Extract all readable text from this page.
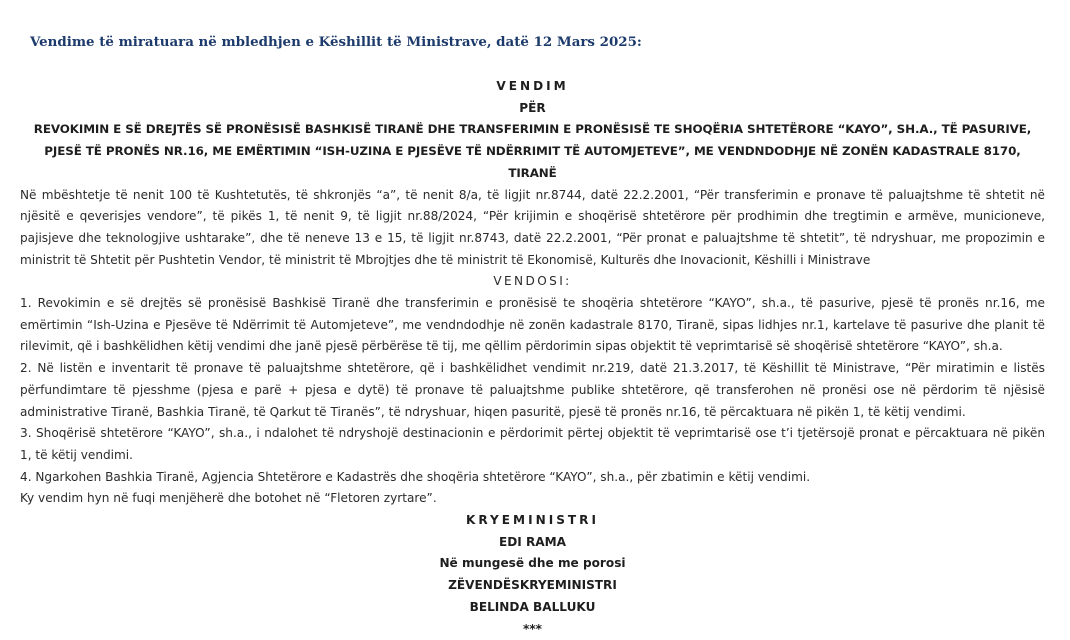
Vendime të miratuara në mbledhjen e Këshillit të Ministrave, datë 12 Mars 2025:

VENDIM

PËR

REVOKIMIN E SË DREJTËS SË PRONËSISË BASHKISË TIRANË DHE TRANSFERIMIN E PRONËSISË TE SHOQËRIA SHTETËRORE “KAYO”, SH.A., TË PASURIVE, PJESË TË PRONËS NR.16, ME EMËRTIMIN “ISH-UZINA E PJESËVE TË NDËRRIMIT TË AUTOMJETEVE”, ME VENDNDODHJE NË ZONËN KADASTRALE 8170, TIRANË

Në mbështetje të nenit 100 të Kushtetutës, të shkronjës “a”, të nenit 8/a, të ligjit nr.8744, datë 22.2.2001, “Për transferimin e pronave të paluajtshme të shtetit në njësitë e qeverisjes vendore”, të pikës 1, të nenit 9, të ligjit nr.88/2024, “Për krijimin e shoqërisë shtetërore për prodhimin dhe tregtimin e armëve, municioneve, pajisjeve dhe teknologjive ushtarake”, dhe të neneve 13 e 15, të ligjit nr.8743, datë 22.2.2001, “Për pronat e paluajtshme të shtetit”, të ndryshuar, me propozimin e ministrit të Shtetit për Pushtetin Vendor, të ministrit të Mbrojtjes dhe të ministrit të Ekonomisë, Kulturës dhe Inovacionit, Këshilli i Ministrave

VENDOSI:

1. Revokimin e së drejtës së pronësisë Bashkisë Tiranë dhe transferimin e pronësisë te shoqëria shtetërore “KAYO”, sh.a., të pasurive, pjesë të pronës nr.16, me emërtimin “Ish-Uzina e Pjesëve të Ndërrimit të Automjeteve”, me vendndodhje në zonën kadastrale 8170, Tiranë, sipas lidhjes nr.1, kartelave të pasurive dhe planit të rilevimit, që i bashkëlidhen këtij vendimi dhe janë pjesë përbërëse të tij, me qëllim përdorimin sipas objektit të veprimtarisë së shoqërisë shtetërore “KAYO”, sh.a.

2. Në listën e inventarit të pronave të paluajtshme shtetërore, që i bashkëlidhet vendimit nr.219, datë 21.3.2017, të Këshillit të Ministrave, “Për miratimin e listës përfundimtare të pjesshme (pjesa e parë + pjesa e dytë) të pronave të paluajtshme publike shtetërore, që transferohen në pronësi ose në përdorim të njësisë administrative Tiranë, Bashkia Tiranë, të Qarkut të Tiranës”, të ndryshuar, hiqen pasuritë, pjesë të pronës nr.16, të përcaktuara në pikën 1, të këtij vendimi.

3. Shoqërisë shtetërore “KAYO”, sh.a., i ndalohet të ndryshojë destinacionin e përdorimit përtej objektit të veprimtarisë ose t’i tjetërsojë pronat e përcaktuara në pikën 1, të këtij vendimi.

4. Ngarkohen Bashkia Tiranë, Agjencia Shtetërore e Kadastrës dhe shoqëria shtetërore “KAYO”, sh.a., për zbatimin e këtij vendimi.

Ky vendim hyn në fuqi menjëherë dhe botohet në “Fletoren zyrtare”.

KRYEMINISTRI

EDI RAMA

Në mungesë dhe me porosi

ZËVENDËSKRYEMINISTRI

BELINDA BALLUKU

***
